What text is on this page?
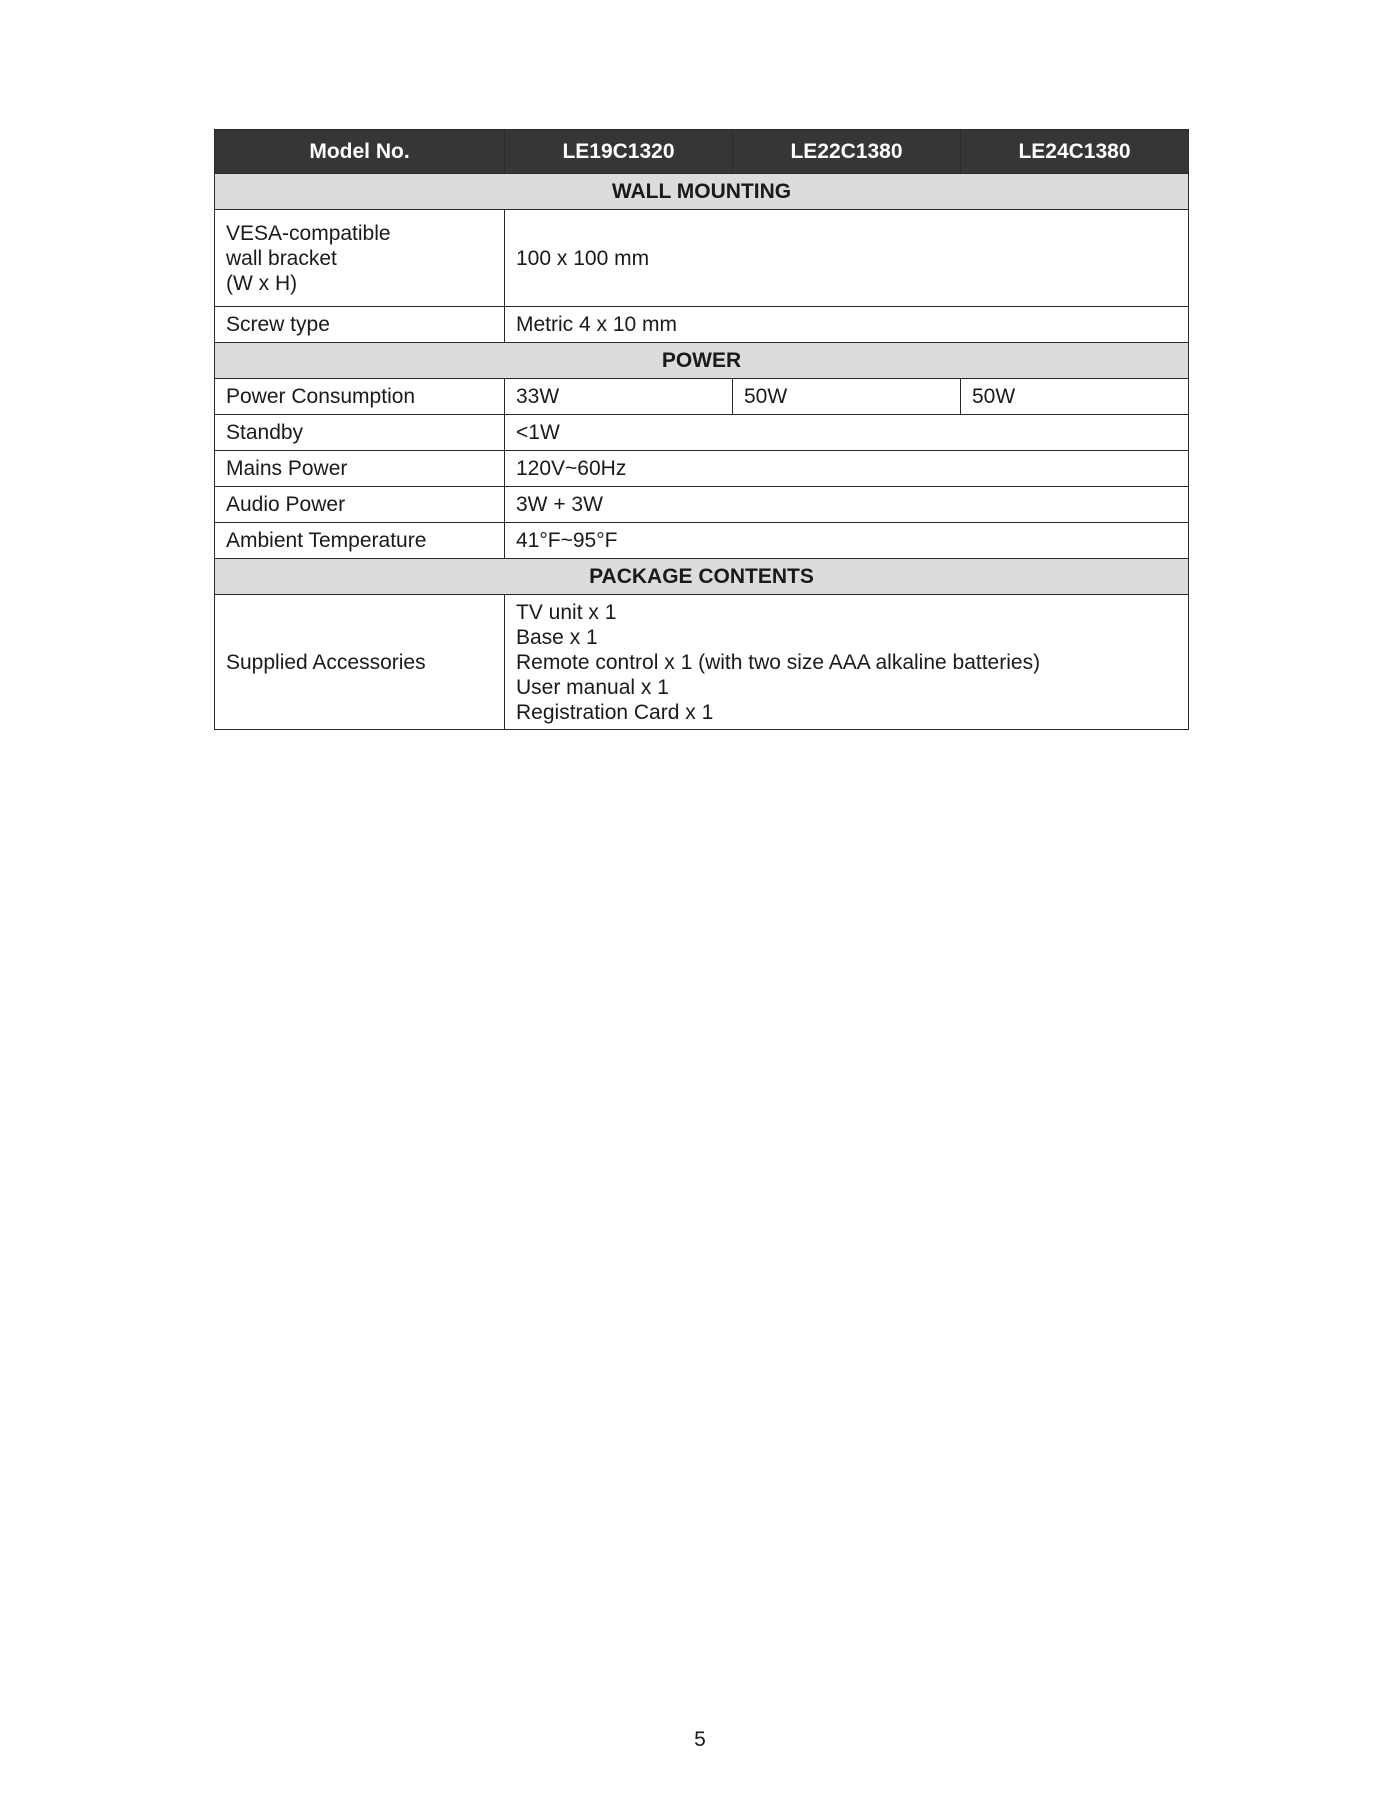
Model No.	LE19C1320	LE22C1380	LE24C1380
WALL MOUNTING			

VESA-compatible
wall bracket
(W x H)	100 x 100 mm		
Screw type	Metric 4 x 10 mm		
POWER			
Power Consumption	33W	50W	50W
Standby	<1W		
Mains Power	120V~60Hz		
Audio Power	3W + 3W		
Ambient Temperature	41°F~95°F		
PACKAGE CONTENTS			
Supplied Accessories	TV unit x 1
Base x 1
Remote control x 1 (with two size AAA alkaline batteries)
User manual x 1
Registration Card x 1		
5
